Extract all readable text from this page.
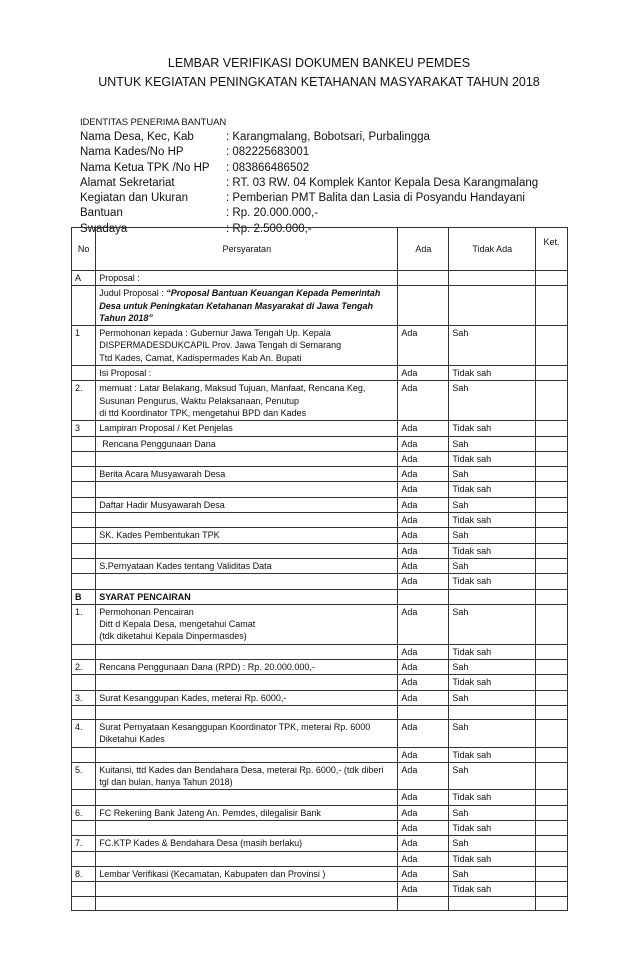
LEMBAR VERIFIKASI DOKUMEN BANKEU PEMDES
UNTUK KEGIATAN PENINGKATAN KETAHANAN MASYARAKAT TAHUN 2018
IDENTITAS PENERIMA BANTUAN
Nama Desa, Kec, Kab	: Karangmalang, Bobotsari, Purbalingga
Nama Kades/No HP	: 082225683001
Nama Ketua TPK /No HP : 083866486502
Alamat Sekretariat	: RT. 03 RW. 04 Komplek Kantor Kepala Desa Karangmalang
Kegiatan dan Ukuran	: Pemberian PMT Balita dan Lasia di Posyandu Handayani
Bantuan	: Rp. 20.000.000,-
Swadaya	: Rp. 2.500.000,-
No	Persyaratan	Ada	Tidak Ada	Ket.
A	Proposal :			
	Judul Proposal : “Proposal Bantuan Keuangan Kepada Pemerintah Desa untuk Peningkatan Ketahanan Masyarakat di Jawa Tengah Tahun 2018”			
1	Permohonan kepada : Gubernur Jawa Tengah Up. Kepala DISPERMADESDUKCAPIL Prov. Jawa Tengah di Semarang
Ttd Kades, Camat, Kadispermades Kab An. Bupati	Ada	Sah	
	Isi Proposal :	Ada	Tidak sah	
2.	memuat : Latar Belakang, Maksud Tujuan, Manfaat, Rencana Keg, Susunan Pengurus, Waktu Pelaksanaan, Penutup
di ttd Koordinator TPK, mengetahui BPD dan Kades	Ada	Sah	
3	Lampiran Proposal / Ket Penjelas	Ada	Tidak sah	
	Rencana Penggunaan Dana	Ada	Sah	
		Ada	Tidak sah	
	Berita Acara Musyawarah Desa	Ada	Sah	
		Ada	Tidak sah	
	Daftar Hadir Musyawarah Desa	Ada	Sah	
		Ada	Tidak sah	
	SK. Kades Pembentukan TPK	Ada	Sah	
		Ada	Tidak sah	
	S.Pernyataan Kades tentang Validitas Data	Ada	Sah	
		Ada	Tidak sah	
B	SYARAT PENCAIRAN			
1.	Permohonan Pencairan
Ditt d Kepala Desa, mengetahui Camat
(tdk diketahui Kepala Dinpermasdes)	Ada	Sah	
		Ada	Tidak sah	
2.	Rencana Penggunaan Dana (RPD) : Rp. 20.000.000,-	Ada	Sah	
		Ada	Tidak sah	
3.	Surat Kesanggupan Kades, meterai Rp. 6000,-	Ada	Sah	

4.	Surat Pernyataan Kesanggupan Koordinator TPK, meterai Rp. 6000
Diketahui Kades	Ada	Sah	
		Ada	Tidak sah	
5.	Kuitansi, ttd Kades dan Bendahara Desa, meterai Rp. 6000,- (tdk diberi tgl dan bulan, hanya Tahun 2018)	Ada	Sah	
		Ada	Tidak sah	
6.	FC Rekening Bank Jateng An. Pemdes, dilegalisir Bank	Ada	Sah	
		Ada	Tidak sah	
7.	FC.KTP Kades & Bendahara Desa (masih berlaku)	Ada	Sah	
		Ada	Tidak sah	
8.	Lembar Verifikasi (Kecamatan, Kabupaten dan Provinsi )	Ada	Sah	
		Ada	Tidak sah	
